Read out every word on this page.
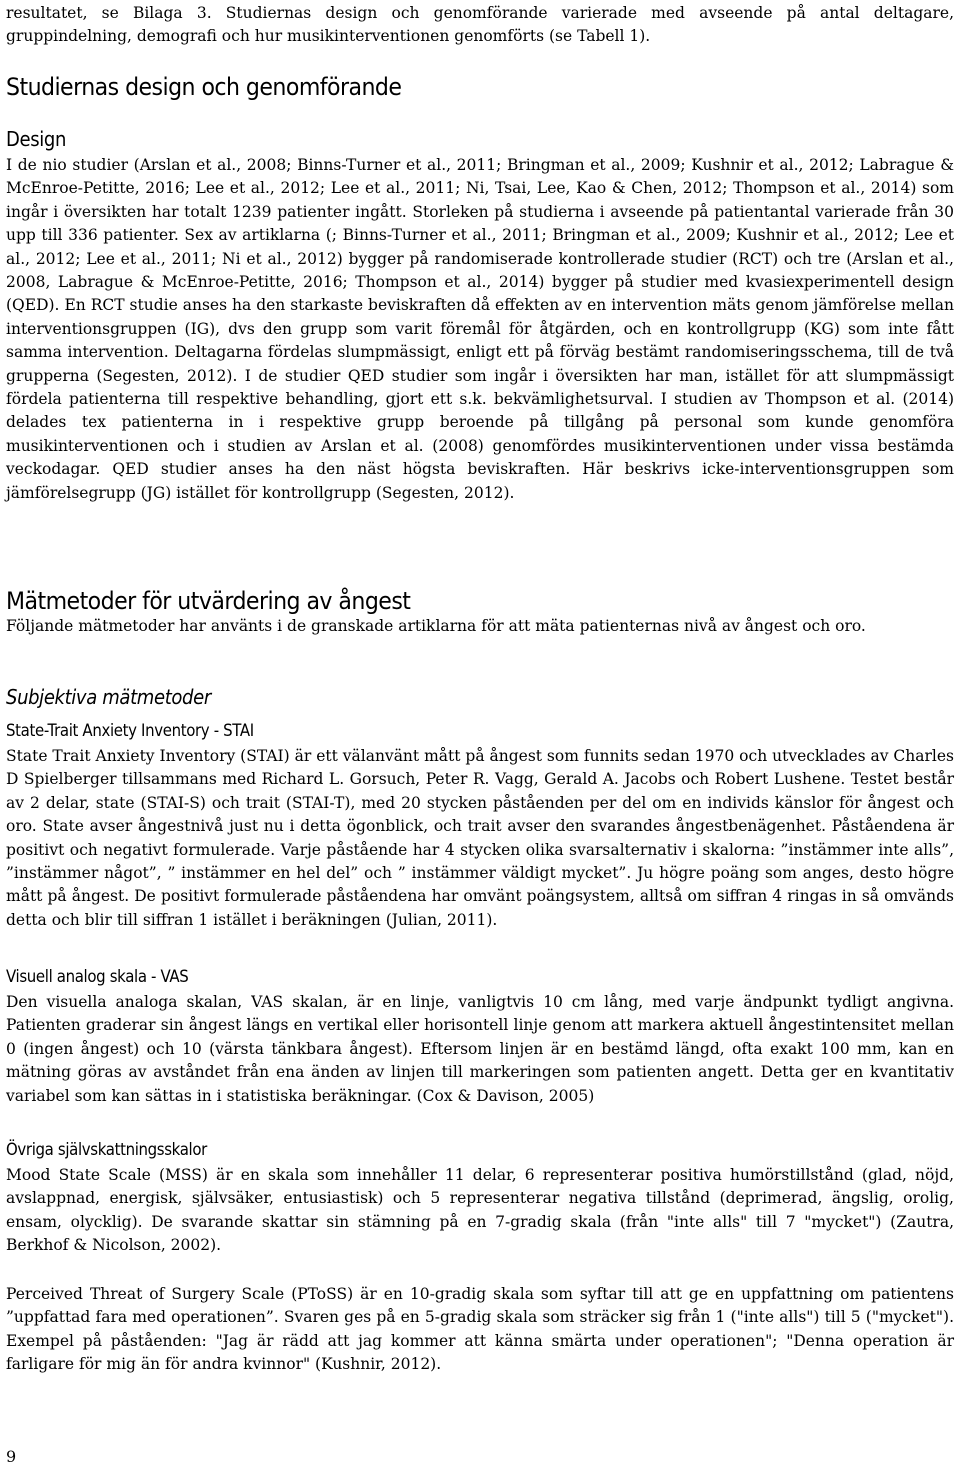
resultatet, se Bilaga 3. Studiernas design och genomförande varierade med avseende på antal deltagare, gruppindelning, demografi och hur musikinterventionen genomförts (se Tabell 1).

Studiernas design och genomförande
Design

I de nio studier (Arslan et al., 2008; Binns-Turner et al., 2011; Bringman et al., 2009; Kushnir et al., 2012; Labrague & McEnroe-Petitte, 2016; Lee et al., 2012; Lee et al., 2011; Ni, Tsai, Lee, Kao & Chen, 2012; Thompson et al., 2014) som ingår i översikten har totalt 1239 patienter ingått. Storleken på studierna i avseende på patientantal varierade från 30 upp till 336 patienter. Sex av artiklarna (; Binns-Turner et al., 2011; Bringman et al., 2009; Kushnir et al., 2012; Lee et al., 2012; Lee et al., 2011; Ni et al., 2012) bygger på randomiserade kontrollerade studier (RCT) och tre (Arslan et al., 2008, Labrague & McEnroe-Petitte, 2016; Thompson et al., 2014) bygger på studier med kvasiexperimentell design (QED). En RCT studie anses ha den starkaste beviskraften då effekten av en intervention mäts genom jämförelse mellan interventionsgruppen (IG), dvs den grupp som varit föremål för åtgärden, och en kontrollgrupp (KG) som inte fått samma intervention. Deltagarna fördelas slumpmässigt, enligt ett på förväg bestämt randomiseringsschema, till de två grupperna (Segesten, 2012). I de studier QED studier som ingår i översikten har man, istället för att slumpmässigt fördela patienterna till respektive behandling, gjort ett s.k. bekvämlighetsurval. I studien av Thompson et al. (2014) delades tex patienterna in i respektive grupp beroende på tillgång på personal som kunde genomföra musikinterventionen och i studien av Arslan et al. (2008) genomfördes musikinterventionen under vissa bestämda veckodagar. QED studier anses ha den näst högsta beviskraften. Här beskrivs icke-interventionsgruppen som jämförelsegrupp (JG) istället för kontrollgrupp (Segesten, 2012).

Mätmetoder för utvärdering av ångest

Följande mätmetoder har använts i de granskade artiklarna för att mäta patienternas nivå av ångest och oro.

Subjektiva mätmetoder
State-Trait Anxiety Inventory - STAI

State Trait Anxiety Inventory (STAI) är ett välanvänt mått på ångest som funnits sedan 1970 och utvecklades av Charles D Spielberger tillsammans med Richard L. Gorsuch, Peter R. Vagg, Gerald A. Jacobs och Robert Lushene. Testet består av 2 delar, state (STAI-S) och trait (STAI-T), med 20 stycken påståenden per del om en individs känslor för ångest och oro. State avser ångestnivå just nu i detta ögonblick, och trait avser den svarandes ångestbenägenhet. Påståendena är positivt och negativt formulerade. Varje påstående har 4 stycken olika svarsalternativ i skalorna: ”instämmer inte alls”, ”instämmer något”, ” instämmer en hel del” och ” instämmer väldigt mycket”. Ju högre poäng som anges, desto högre mått på ångest. De positivt formulerade påståendena har omvänt poängsystem, alltså om siffran 4 ringas in så omvänds detta och blir till siffran 1 istället i beräkningen (Julian, 2011).

Visuell analog skala - VAS

Den visuella analoga skalan, VAS skalan, är en linje, vanligtvis 10 cm lång, med varje ändpunkt tydligt angivna. Patienten graderar sin ångest längs en vertikal eller horisontell linje genom att markera aktuell ångestintensitet mellan 0 (ingen ångest) och 10 (värsta tänkbara ångest). Eftersom linjen är en bestämd längd, ofta exakt 100 mm, kan en mätning göras av avståndet från ena änden av linjen till markeringen som patienten angett. Detta ger en kvantitativ variabel som kan sättas in i statistiska beräkningar. (Cox & Davison, 2005)

Övriga självskattningsskalor

Mood State Scale (MSS) är en skala som innehåller 11 delar, 6 representerar positiva humörstillstånd (glad, nöjd, avslappnad, energisk, självsäker, entusiastisk) och 5 representerar negativa tillstånd (deprimerad, ängslig, orolig, ensam, olycklig). De svarande skattar sin stämning på en 7-gradig skala (från "inte alls" till 7 "mycket") (Zautra, Berkhof & Nicolson, 2002).

Perceived Threat of Surgery Scale (PToSS) är en 10-gradig skala som syftar till att ge en uppfattning om patientens ”uppfattad fara med operationen”. Svaren ges på en 5-gradig skala som sträcker sig från 1 ("inte alls") till 5 ("mycket"). Exempel på påståenden: "Jag är rädd att jag kommer att känna smärta under operationen"; "Denna operation är farligare för mig än för andra kvinnor" (Kushnir, 2012).

9
